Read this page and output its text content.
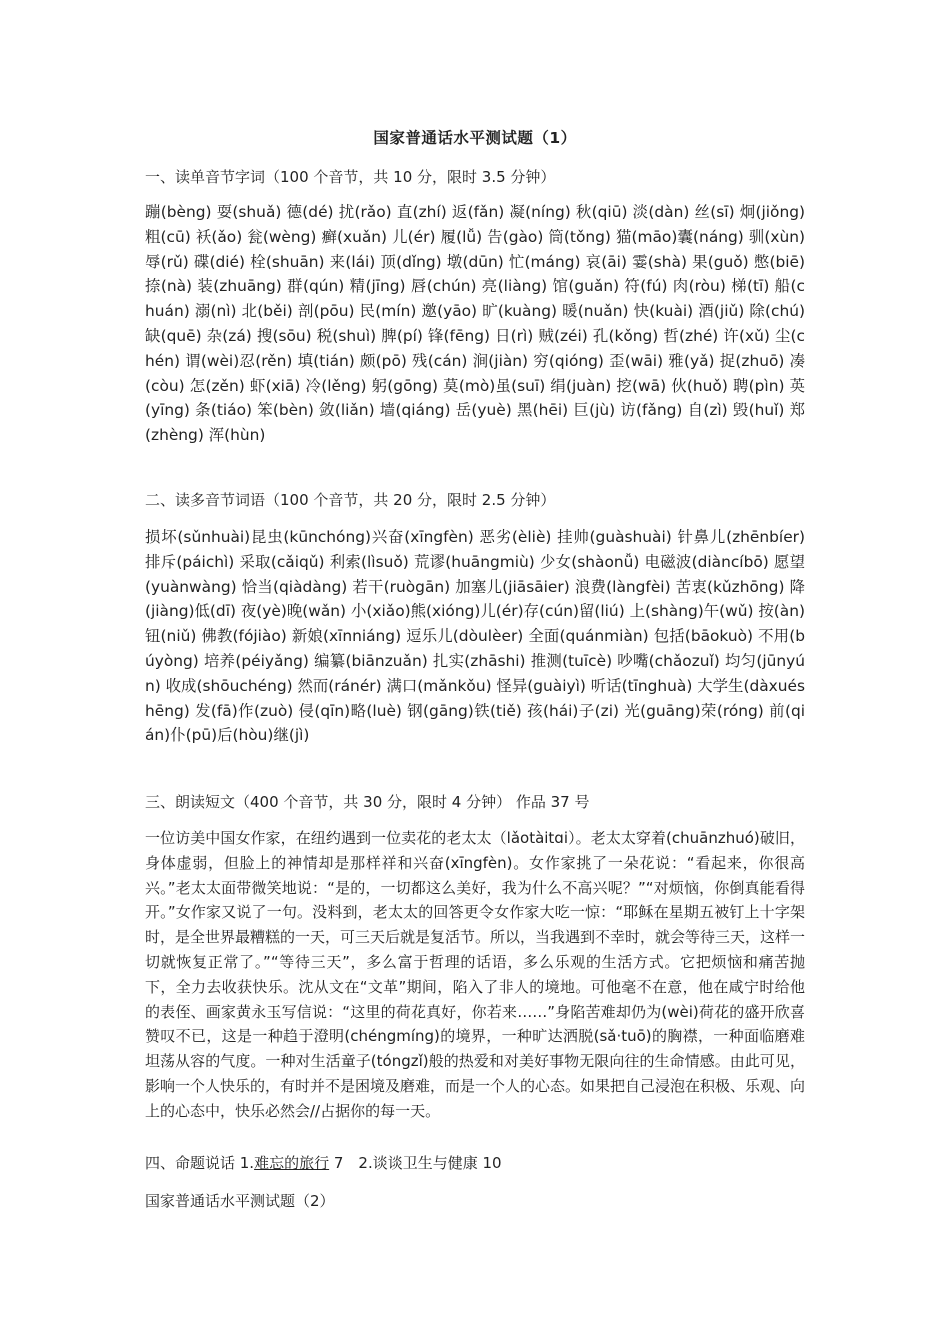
国家普通话水平测试题（1）
一、读单音节字词（100 个音节，共 10 分，限时 3.5 分钟）
蹦(bèng) 耍(shuǎ) 德(dé) 扰(rǎo) 直(zhí) 返(fǎn) 凝(níng) 秋(qiū) 淡(dàn) 丝(sī) 炯(jiǒng) 粗(cū) 袄(ǎo) 瓮(wèng) 癣(xuǎn) 儿(ér) 履(lǚ) 告(gào) 筒(tǒng) 猫(māo)囊(náng) 驯(xùn) 辱(rǔ) 碟(dié) 栓(shuān) 来(lái) 顶(dǐng) 墩(dūn) 忙(máng) 哀(āi) 霎(shà) 果(guǒ) 憋(biē) 捺(nà) 装(zhuāng) 群(qún) 精(jīng) 唇(chún) 亮(liàng) 馆(guǎn) 符(fú) 肉(ròu) 梯(tī) 船(chuán) 溺(nì) 北(běi) 剖(pōu) 民(mín) 邀(yāo) 旷(kuàng) 暖(nuǎn) 快(kuài) 酒(jiǔ) 除(chú) 缺(quē) 杂(zá) 搜(sōu) 税(shuì) 脾(pí) 锋(fēng) 日(rì) 贼(zéi) 孔(kǒng) 哲(zhé) 许(xǔ) 尘(chén) 谓(wèi)忍(rěn) 填(tián) 颇(pō) 残(cán) 涧(jiàn) 穷(qióng) 歪(wāi) 雅(yǎ) 捉(zhuō) 凑(còu) 怎(zěn) 虾(xiā) 冷(lěng) 躬(gōng) 莫(mò)虽(suī) 绢(juàn) 挖(wā) 伙(huǒ) 聘(pìn) 英(yīng) 条(tiáo) 笨(bèn) 敛(liǎn) 墙(qiáng) 岳(yuè) 黑(hēi) 巨(jù) 访(fǎng) 自(zì) 毁(huǐ) 郑(zhèng) 浑(hùn)
二、读多音节词语（100 个音节，共 20 分，限时 2.5 分钟）
损坏(sǔnhuài)昆虫(kūnchóng)兴奋(xīngfèn) 恶劣(èliè) 挂帅(guàshuài) 针鼻儿(zhēnbíer) 排斥(páichì) 采取(cǎiqǔ) 利索(lìsuǒ) 荒谬(huāngmiù) 少女(shàonǚ) 电磁波(diàncíbō) 愿望(yuànwàng) 恰当(qiàdàng) 若干(ruògān) 加塞儿(jiāsāier) 浪费(làngfèi) 苦衷(kǔzhōng) 降(jiàng)低(dī) 夜(yè)晚(wǎn) 小(xiǎo)熊(xióng)儿(ér)存(cún)留(liú) 上(shàng)午(wǔ) 按(àn)钮(niǔ) 佛教(fójiào) 新娘(xīnniáng) 逗乐儿(dòulèer) 全面(quánmiàn) 包括(bāokuò) 不用(búyòng) 培养(péiyǎng) 编纂(biānzuǎn) 扎实(zhāshi) 推测(tuīcè) 吵嘴(chǎozuǐ) 均匀(jūnyún) 收成(shōuchéng) 然而(ránér) 满口(mǎnkǒu) 怪异(guàiyì) 听话(tīnghuà) 大学生(dàxuéshēng) 发(fā)作(zuò) 侵(qīn)略(luè) 钢(gāng)铁(tiě) 孩(hái)子(zi) 光(guāng)荣(róng) 前(qián)仆(pū)后(hòu)继(jì)
三、朗读短文（400 个音节，共 30 分，限时 4 分钟） 作品 37 号
一位访美中国女作家，在纽约遇到一位卖花的老太太（lǎotàitɑi）。老太太穿着(chuānzhuó)破旧，身体虚弱，但脸上的神情却是那样祥和兴奋(xīngfèn)。女作家挑了一朵花说：“看起来，你很高兴。”老太太面带微笑地说：“是的，一切都这么美好，我为什么不高兴呢？”“对烦恼，你倒真能看得开。”女作家又说了一句。没料到，老太太的回答更令女作家大吃一惊：“耶稣在星期五被钉上十字架时，是全世界最糟糕的一天，可三天后就是复活节。所以，当我遇到不幸时，就会等待三天，这样一切就恢复正常了。”“等待三天”，多么富于哲理的话语，多么乐观的生活方式。它把烦恼和痛苦抛下，全力去收获快乐。沈从文在“文革”期间，陷入了非人的境地。可他毫不在意，他在咸宁时给他的表侄、画家黄永玉写信说：“这里的荷花真好，你若来……”身陷苦难却仍为(wèi)荷花的盛开欣喜赞叹不已，这是一种趋于澄明(chéngmíng)的境界，一种旷达洒脱(sǎ·tuō)的胸襟，一种面临磨难坦荡从容的气度。一种对生活童子(tóngzǐ)般的热爱和对美好事物无限向往的生命情感。由此可见，影响一个人快乐的，有时并不是困境及磨难，而是一个人的心态。如果把自己浸泡在积极、乐观、向上的心态中，快乐必然会//占据你的每一天。
四、命题说话 1.难忘的旅行 7　2.谈谈卫生与健康 10
国家普通话水平测试题（2）
